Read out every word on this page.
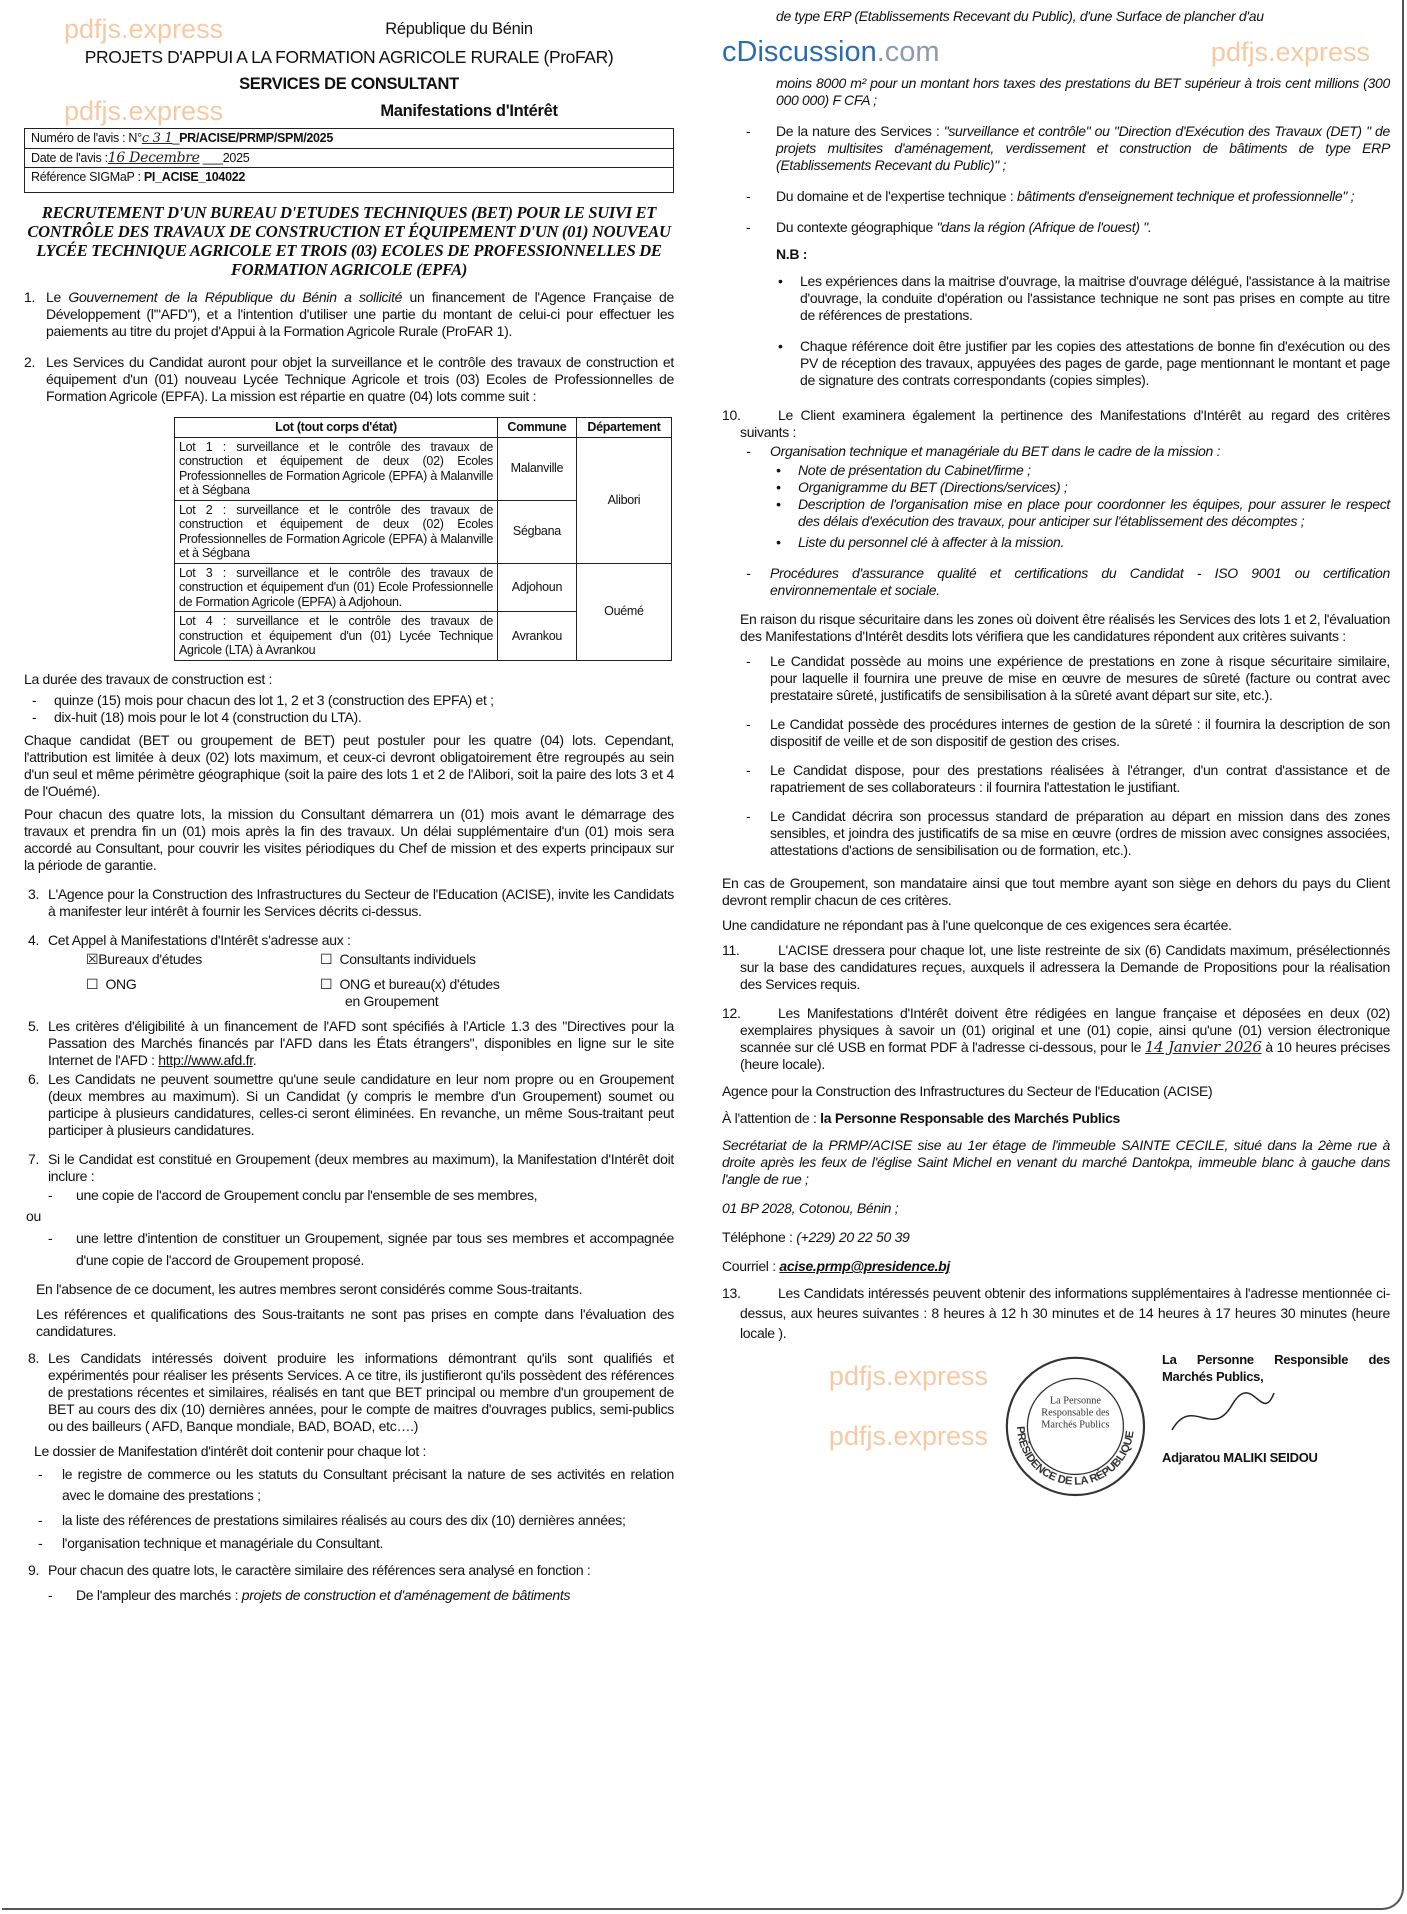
pdfjs.express	République du Bénin
PROJETS D'APPUI A LA FORMATION AGRICOLE RURALE (ProFAR)
SERVICES DE CONSULTANT
pdfjs.express	Manifestations d'Intérêt
Numéro de l'avis : N°c 3 1_PR/ACISE/PRMP/SPM/2025
Date de l'avis :16 Decembre ___2025
Référence SIGMaP : PI_ACISE_104022
RECRUTEMENT D'UN BUREAU D'ETUDES TECHNIQUES (BET) POUR LE SUIVI ET CONTRÔLE DES TRAVAUX DE CONSTRUCTION ET ÉQUIPEMENT D'UN (01) NOUVEAU LYCÉE TECHNIQUE AGRICOLE ET TROIS (03) ECOLES DE PROFESSIONNELLES DE FORMATION AGRICOLE (EPFA)
1. Le Gouvernement de la République du Bénin a sollicité un financement de l'Agence Française de Développement (l'"AFD"), et a l'intention d'utiliser une partie du montant de celui-ci pour effectuer les paiements au titre du projet d'Appui à la Formation Agricole Rurale (ProFAR 1).
2. Les Services du Candidat auront pour objet la surveillance et le contrôle des travaux de construction et équipement d'un (01) nouveau Lycée Technique Agricole et trois (03) Ecoles de Professionnelles de Formation Agricole (EPFA). La mission est répartie en quatre (04) lots comme suit :
Lot (tout corps d'état)	Commune	Département
Lot 1 : surveillance et le contrôle des travaux de construction et équipement de deux (02) Ecoles Professionnelles de Formation Agricole (EPFA) à Malanville et à Ségbana	Malanville	Alibori
Lot 2 : surveillance et le contrôle des travaux de construction et équipement de deux (02) Ecoles Professionnelles de Formation Agricole (EPFA) à Malanville et à Ségbana	Ségbana	
Lot 3 : surveillance et le contrôle des travaux de construction et équipement d'un (01) Ecole Professionnelle de Formation Agricole (EPFA) à Adjohoun.	Adjohoun	Ouémé
Lot 4 : surveillance et le contrôle des travaux de construction et équipement d'un (01) Lycée Technique Agricole (LTA) à Avrankou	Avrankou	
La durée des travaux de construction est :
- quinze (15) mois pour chacun des lot 1, 2 et 3 (construction des EPFA) et ;
- dix-huit (18) mois pour le lot 4 (construction du LTA).
Chaque candidat (BET ou groupement de BET) peut postuler pour les quatre (04) lots. Cependant, l'attribution est limitée à deux (02) lots maximum, et ceux-ci devront obligatoirement être regroupés au sein d'un seul et même périmètre géographique (soit la paire des lots 1 et 2 de l'Alibori, soit la paire des lots 3 et 4 de l'Ouémé).
Pour chacun des quatre lots, la mission du Consultant démarrera un (01) mois avant le démarrage des travaux et prendra fin un (01) mois après la fin des travaux. Un délai supplémentaire d'un (01) mois sera accordé au Consultant, pour couvrir les visites périodiques du Chef de mission et des experts principaux sur la période de garantie.
3. L'Agence pour la Construction des Infrastructures du Secteur de l'Education (ACISE), invite les Candidats à manifester leur intérêt à fournir les Services décrits ci-dessus.
4. Cet Appel à Manifestations d'Intérêt s'adresse aux :
☒Bureaux d'études	☐ Consultants individuels
☐ ONG	☐ ONG et bureau(x) d'études
en Groupement
5. Les critères d'éligibilité à un financement de l'AFD sont spécifiés à l'Article 1.3 des "Directives pour la Passation des Marchés financés par l'AFD dans les États étrangers", disponibles en ligne sur le site Internet de l'AFD : http://www.afd.fr.
6. Les Candidats ne peuvent soumettre qu'une seule candidature en leur nom propre ou en Groupement (deux membres au maximum). Si un Candidat (y compris le membre d'un Groupement) soumet ou participe à plusieurs candidatures, celles-ci seront éliminées. En revanche, un même Sous-traitant peut participer à plusieurs candidatures.
7. Si le Candidat est constitué en Groupement (deux membres au maximum), la Manifestation d'Intérêt doit inclure :
- une copie de l'accord de Groupement conclu par l'ensemble de ses membres,
ou
- une lettre d'intention de constituer un Groupement, signée par tous ses membres et accompagnée d'une copie de l'accord de Groupement proposé.
En l'absence de ce document, les autres membres seront considérés comme Sous-traitants.
Les références et qualifications des Sous-traitants ne sont pas prises en compte dans l'évaluation des candidatures.
8. Les Candidats intéressés doivent produire les informations démontrant qu'ils sont qualifiés et expérimentés pour réaliser les présents Services. A ce titre, ils justifieront qu'ils possèdent des références de prestations récentes et similaires, réalisés en tant que BET principal ou membre d'un groupement de BET au cours des dix (10) dernières années, pour le compte de maitres d'ouvrages publics, semi-publics ou des bailleurs ( AFD, Banque mondiale, BAD, BOAD, etc….)
Le dossier de Manifestation d'intérêt doit contenir pour chaque lot :
- le registre de commerce ou les statuts du Consultant précisant la nature de ses activités en relation avec le domaine des prestations ;
- la liste des références de prestations similaires réalisés au cours des dix (10) dernières années;
- l'organisation technique et managériale du Consultant.
9. Pour chacun des quatre lots, le caractère similaire des références sera analysé en fonction :
- De l'ampleur des marchés : projets de construction et d'aménagement de bâtiments
de type ERP (Etablissements Recevant du Public), d'une Surface de plancher d'au
cDiscussion.com	pdfjs.express
moins 8000 m² pour un montant hors taxes des prestations du BET supérieur à trois cent millions (300 000 000) F CFA ;
- De la nature des Services : "surveillance et contrôle" ou "Direction d'Exécution des Travaux (DET) " de projets multisites d'aménagement, verdissement et construction de bâtiments de type ERP (Etablissements Recevant du Public)" ;
- Du domaine et de l'expertise technique : bâtiments d'enseignement technique et professionnelle" ;
- Du contexte géographique "dans la région (Afrique de l'ouest) ".
N.B :
• Les expériences dans la maitrise d'ouvrage, la maitrise d'ouvrage délégué, l'assistance à la maitrise d'ouvrage, la conduite d'opération ou l'assistance technique ne sont pas prises en compte au titre de références de prestations.
• Chaque référence doit être justifier par les copies des attestations de bonne fin d'exécution ou des PV de réception des travaux, appuyées des pages de garde, page mentionnant le montant et page de signature des contrats correspondants (copies simples).
10.	Le Client examinera également la pertinence des Manifestations d'Intérêt au regard des critères suivants :
- Organisation technique et managériale du BET dans le cadre de la mission :
• Note de présentation du Cabinet/firme ;
• Organigramme du BET (Directions/services) ;
• Description de l'organisation mise en place pour coordonner les équipes, pour assurer le respect des délais d'exécution des travaux, pour anticiper sur l'établissement des décomptes ;
• Liste du personnel clé à affecter à la mission.
- Procédures d'assurance qualité et certifications du Candidat - ISO 9001 ou certification environnementale et sociale.
En raison du risque sécuritaire dans les zones où doivent être réalisés les Services des lots 1 et 2, l'évaluation des Manifestations d'Intérêt desdits lots vérifiera que les candidatures répondent aux critères suivants :
- Le Candidat possède au moins une expérience de prestations en zone à risque sécuritaire similaire, pour laquelle il fournira une preuve de mise en œuvre de mesures de sûreté (facture ou contrat avec prestataire sûreté, justificatifs de sensibilisation à la sûreté avant départ sur site, etc.).
- Le Candidat possède des procédures internes de gestion de la sûreté : il fournira la description de son dispositif de veille et de son dispositif de gestion des crises.
- Le Candidat dispose, pour des prestations réalisées à l'étranger, d'un contrat d'assistance et de rapatriement de ses collaborateurs : il fournira l'attestation le justifiant.
- Le Candidat décrira son processus standard de préparation au départ en mission dans des zones sensibles, et joindra des justificatifs de sa mise en œuvre (ordres de mission avec consignes associées, attestations d'actions de sensibilisation ou de formation, etc.).
En cas de Groupement, son mandataire ainsi que tout membre ayant son siège en dehors du pays du Client devront remplir chacun de ces critères.
Une candidature ne répondant pas à l'une quelconque de ces exigences sera écartée.
11.	L'ACISE dressera pour chaque lot, une liste restreinte de six (6) Candidats maximum, présélectionnés sur la base des candidatures reçues, auxquels il adressera la Demande de Propositions pour la réalisation des Services requis.
12.	Les Manifestations d'Intérêt doivent être rédigées en langue française et déposées en deux (02) exemplaires physiques à savoir un (01) original et une (01) copie, ainsi qu'une (01) version électronique scannée sur clé USB en format PDF à l'adresse ci-dessous, pour le 14 Janvier 2026 à 10 heures précises (heure locale).
Agence pour la Construction des Infrastructures du Secteur de l'Education (ACISE)
À l'attention de : la Personne Responsable des Marchés Publics
Secrétariat de la PRMP/ACISE sise au 1er étage de l'immeuble SAINTE CECILE, situé dans la 2ème rue à droite après les feux de l'église Saint Michel en venant du marché Dantokpa, immeuble blanc à gauche dans l'angle de rue ;
01 BP 2028, Cotonou, Bénin ;
Téléphone : (+229) 20 22 50 39
Courriel : acise.prmp@presidence.bj
13.	Les Candidats intéressés peuvent obtenir des informations supplémentaires à l'adresse mentionnée ci-dessus, aux heures suivantes : 8 heures à 12 h 30 minutes et de 14 heures à 17 heures 30 minutes (heure locale ).
pdfjs.express
pdfjs.express PRÉSIDENCE DE LA RÉPUBLIQUE
La Personne Responsable des Marchés Publics
La Personne Responsible des Marchés Publics,
Adjaratou MALIKI SEIDOU
